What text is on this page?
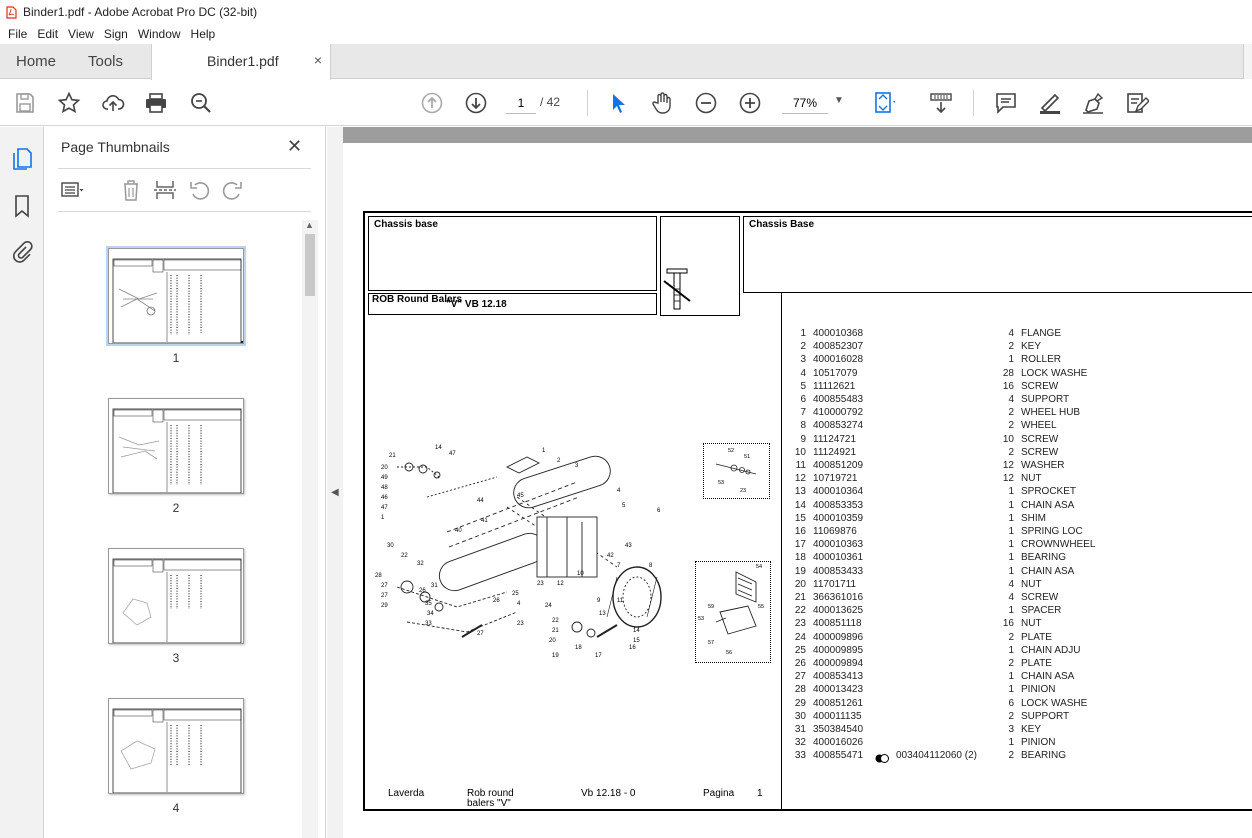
Binder1.pdf - Adobe Acrobat Pro DC (32-bit)
File Edit View Sign Window Help
Home Tools	Binder1.pdf	×
1
/ 42
77%	▼
Page Thumbnails	✕
▲
1
2
3
4
◀
Chassis base
ROB Round Balers
"V" VB 12.18
Chassis Base
21
14
47
20
49
48
46
47
1
45
1
2
3
4
5
6
44
41
40
30
22
32
28
27
27
29
26
31
35
34
33
27
23
26
25
4
23 12
10
7	8
9	11
13
14
15
16
17
18
19
22
21
20
24
43
42
52
51
53
23
54
55
59
53
57
56
1 400010368	4 FLANGE
2 400852307	2 KEY
3 400016028	1 ROLLER
4 10517079	28 LOCK WASHE
5 11112621	16 SCREW
6 400855483	4 SUPPORT
7 410000792	2 WHEEL HUB
8 400853274	2 WHEEL
9 11124721	10 SCREW
10 11124921	2 SCREW
11 400851209	12 WASHER
12 10719721	12 NUT
13 400010364	1 SPROCKET
14 400853353	1 CHAIN ASA
15 400010359	1 SHIM
16 11069876	1 SPRING LOC
17 400010363	1 CROWNWHEEL
18 400010361	1 BEARING
19 400853433	1 CHAIN ASA
20 11701711	4 NUT
21 366361016	4 SCREW
22 400013625	1 SPACER
23 400851118	16 NUT
24 400009896	2 PLATE
25 400009895	1 CHAIN ADJU
26 400009894	2 PLATE
27 400853413	1 CHAIN ASA
28 400013423	1 PINION
29 400851261	6 LOCK WASHE
30 400011135	2 SUPPORT
31 350384540	3 KEY
32 400016026	1 PINION
33 400855471	003404112060 (2)	2 BEARING
Laverda	Rob round
balers "V"
Vb 12.18 - 0	Pagina 1
